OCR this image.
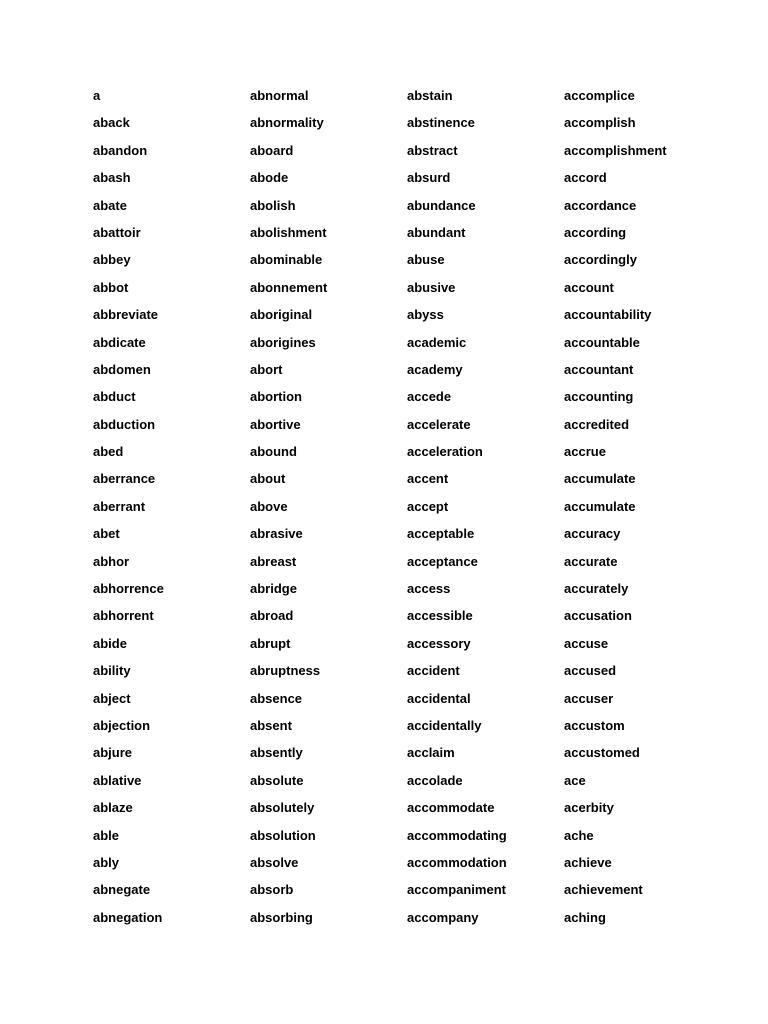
a
aback
abandon
abash
abate
abattoir
abbey
abbot
abbreviate
abdicate
abdomen
abduct
abduction
abed
aberrance
aberrant
abet
abhor
abhorrence
abhorrent
abide
ability
abject
abjection
abjure
ablative
ablaze
able
ably
abnegate
abnegation
abnormal
abnormality
aboard
abode
abolish
abolishment
abominable
abonnement
aboriginal
aborigines
abort
abortion
abortive
abound
about
above
abrasive
abreast
abridge
abroad
abrupt
abruptness
absence
absent
absently
absolute
absolutely
absolution
absolve
absorb
absorbing
abstain
abstinence
abstract
absurd
abundance
abundant
abuse
abusive
abyss
academic
academy
accede
accelerate
acceleration
accent
accept
acceptable
acceptance
access
accessible
accessory
accident
accidental
accidentally
acclaim
accolade
accommodate
accommodating
accommodation
accompaniment
accompany
accomplice
accomplish
accomplishment
accord
accordance
according
accordingly
account
accountability
accountable
accountant
accounting
accredited
accrue
accumulate
accumulate
accuracy
accurate
accurately
accusation
accuse
accused
accuser
accustom
accustomed
ace
acerbity
ache
achieve
achievement
aching
